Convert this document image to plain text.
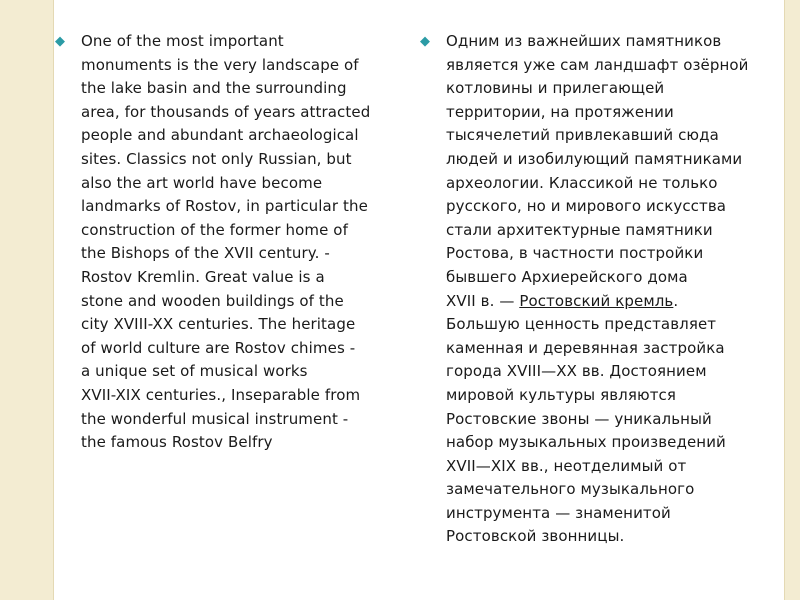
◆ One of the most important
monuments is the very landscape of
the lake basin and the surrounding
area, for thousands of years attracted
people and abundant archaeological
sites. Classics not only Russian, but
also the art world have become
landmarks of Rostov, in particular the
construction of the former home of
the Bishops of the XVII century. -
Rostov Kremlin. Great value is a
stone and wooden buildings of the
city XVIII-XX centuries. The heritage
of world culture are Rostov chimes -
a unique set of musical works
XVII-XIX centuries., Inseparable from
the wonderful musical instrument -
the famous Rostov Belfry
◆ Одним из важнейших памятников
является уже сам ландшафт озёрной
котловины и прилегающей
территории, на протяжении
тысячелетий привлекавший сюда
людей и изобилующий памятниками
археологии. Классикой не только
русского, но и мирового искусства
стали архитектурные памятники
Ростова, в частности постройки
бывшего Архиерейского дома
XVII в. — Ростовский кремль.
Большую ценность представляет
каменная и деревянная застройка
города XVIII—XX вв. Достоянием
мировой культуры являются
Ростовские звоны — уникальный
набор музыкальных произведений
XVII—XIX вв., неотделимый от
замечательного музыкального
инструмента — знаменитой
Ростовской звонницы.
